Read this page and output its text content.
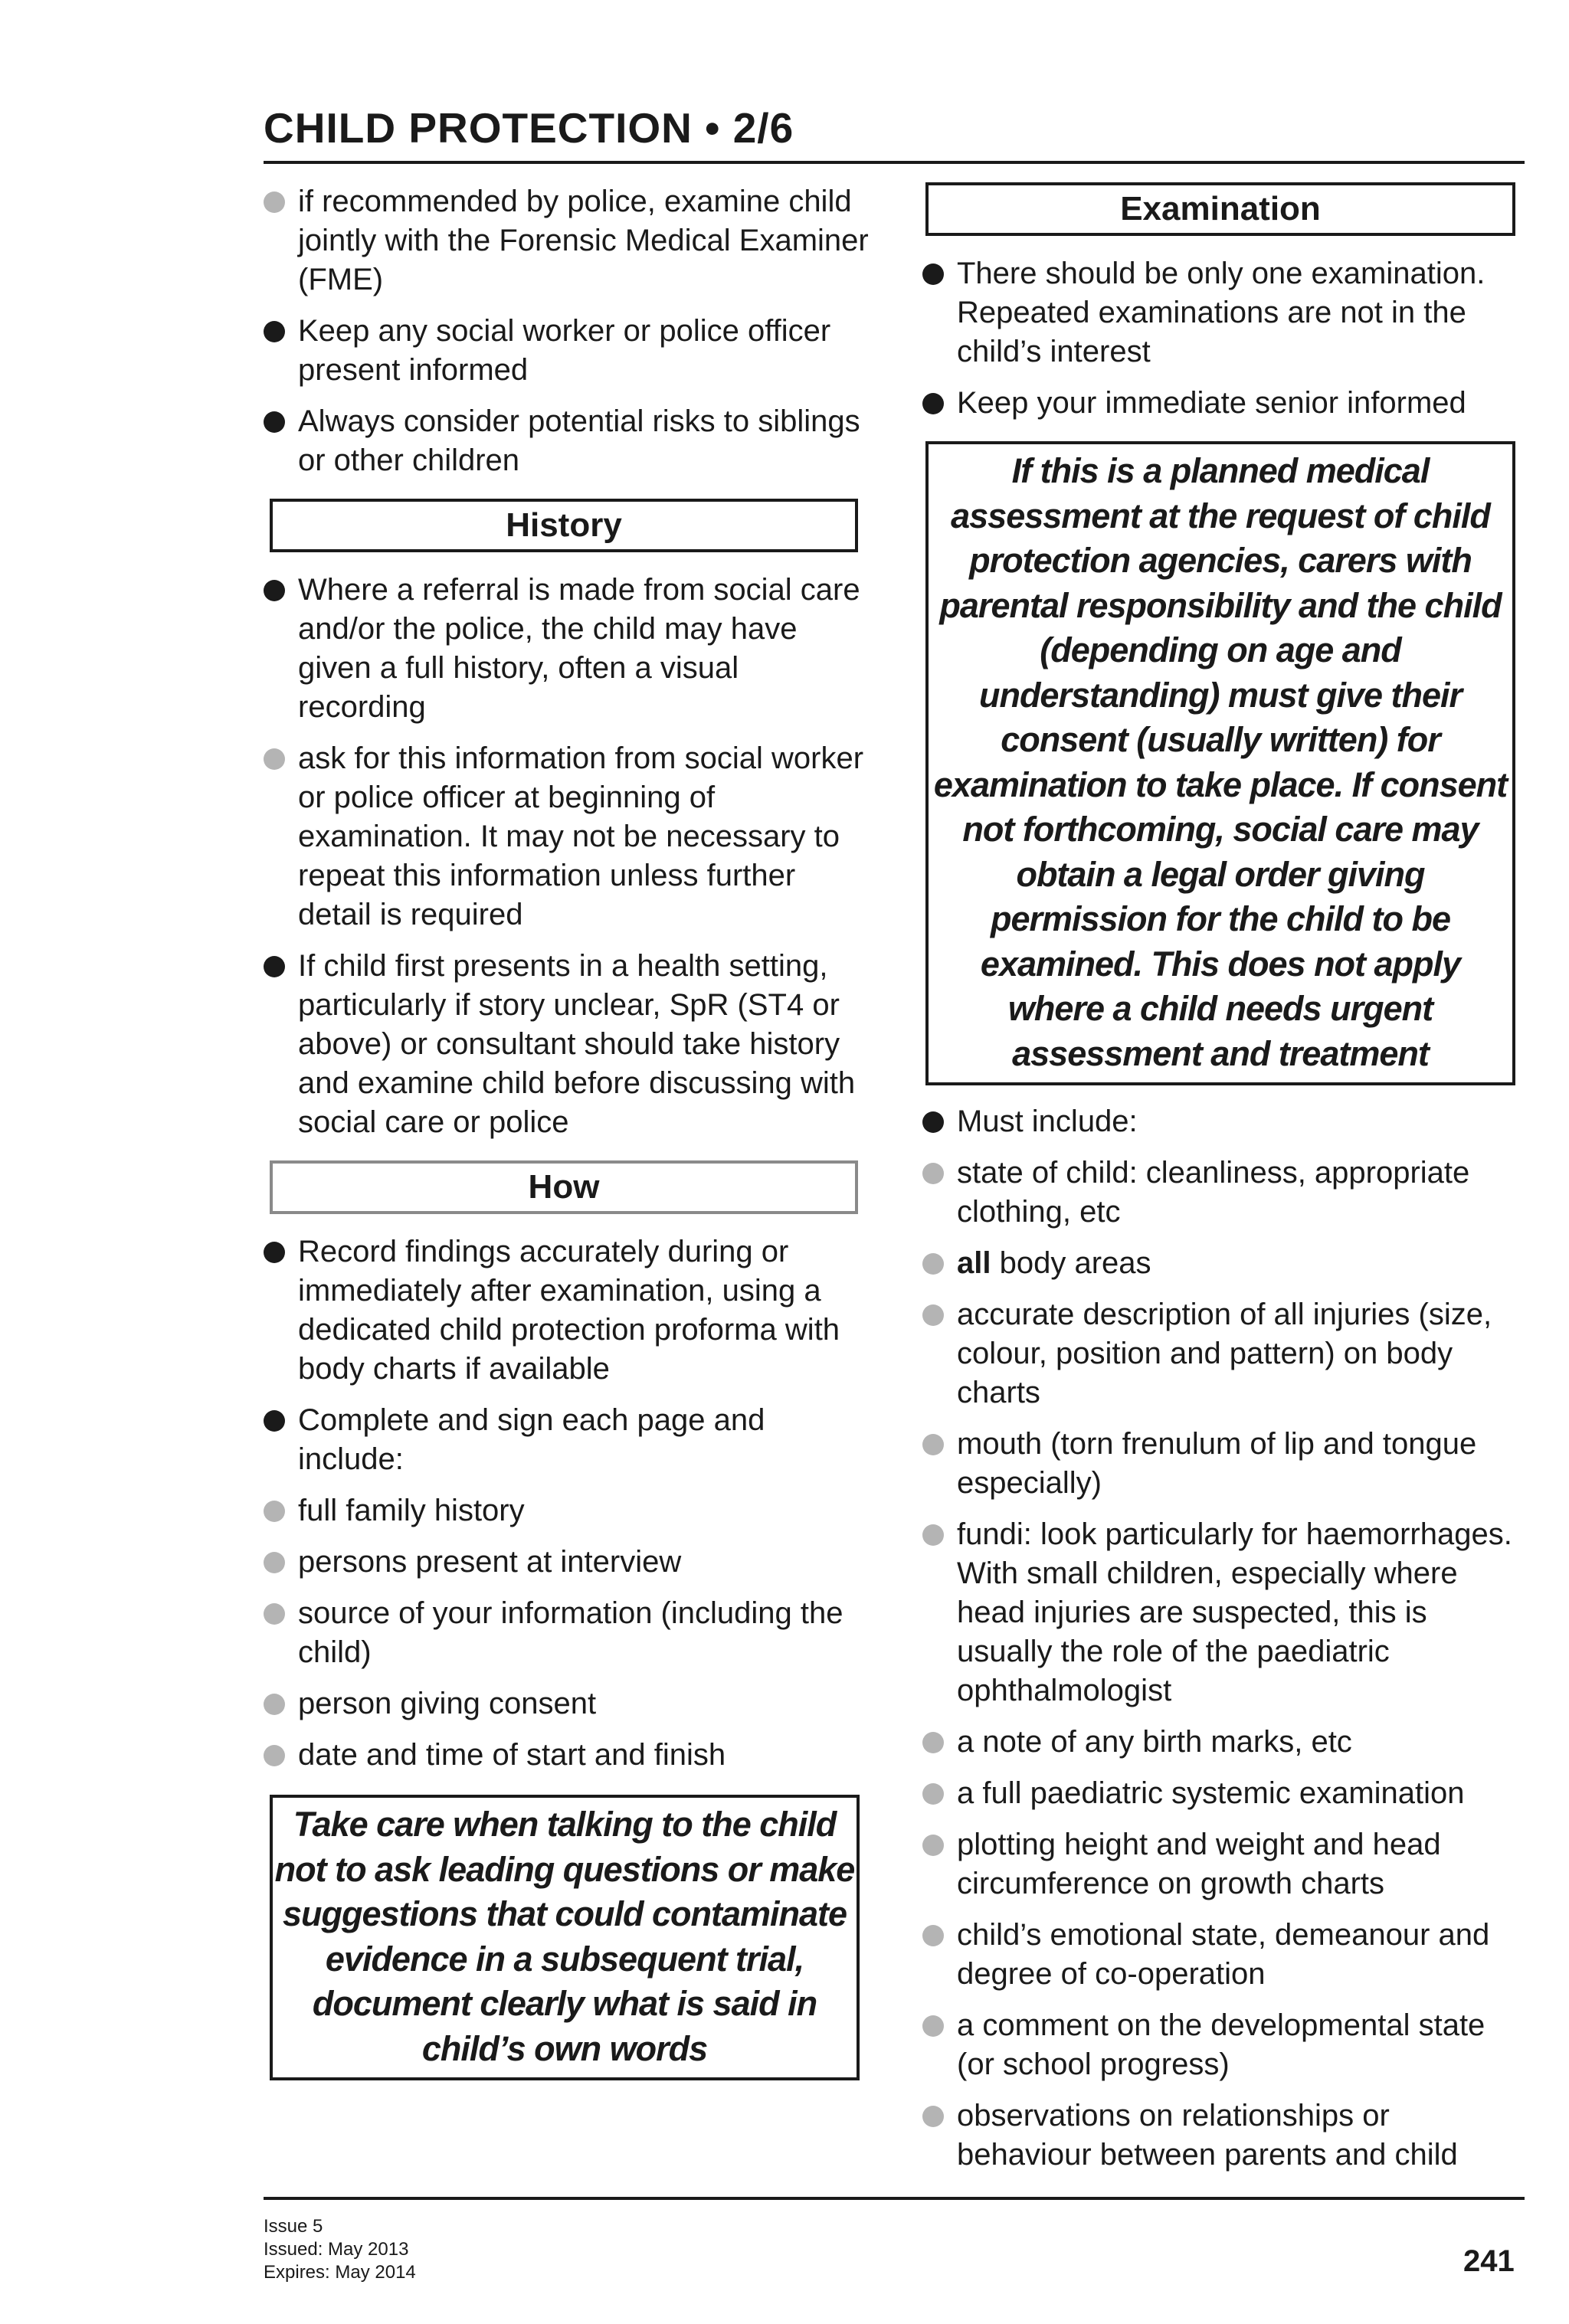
CHILD PROTECTION • 2/6
if recommended by police, examine child jointly with the Forensic Medical Examiner (FME)
Keep any social worker or police officer present informed
Always consider potential risks to siblings or other children
History
Where a referral is made from social care and/or the police, the child may have given a full history, often a visual recording
ask for this information from social worker or police officer at beginning of examination. It may not be necessary to repeat this information unless further detail is required
If child first presents in a health setting, particularly if story unclear, SpR (ST4 or above) or consultant should take history and examine child before discussing with social care or police
How
Record findings accurately during or immediately after examination, using a dedicated child protection proforma with body charts if available
Complete and sign each page and include:
full family history
persons present at interview
source of your information (including the child)
person giving consent
date and time of start and finish
Take care when talking to the child not to ask leading questions or make suggestions that could contaminate evidence in a subsequent trial, document clearly what is said in child’s own words
Examination
There should be only one examination. Repeated examinations are not in the child’s interest
Keep your immediate senior informed
If this is a planned medical assessment at the request of child protection agencies, carers with parental responsibility and the child (depending on age and understanding) must give their consent (usually written) for examination to take place. If consent not forthcoming, social care may obtain a legal order giving permission for the child to be examined. This does not apply where a child needs urgent assessment and treatment
Must include:
state of child: cleanliness, appropriate clothing, etc
all body areas
accurate description of all injuries (size, colour, position and pattern) on body charts
mouth (torn frenulum of lip and tongue especially)
fundi: look particularly for haemorrhages. With small children, especially where head injuries are suspected, this is usually the role of the paediatric ophthalmologist
a note of any birth marks, etc
a full paediatric systemic examination
plotting height and weight and head circumference on growth charts
child’s emotional state, demeanour and degree of co-operation
a comment on the developmental state (or school progress)
observations on relationships or behaviour between parents and child
Issue 5
Issued: May 2013
Expires: May 2014	241
